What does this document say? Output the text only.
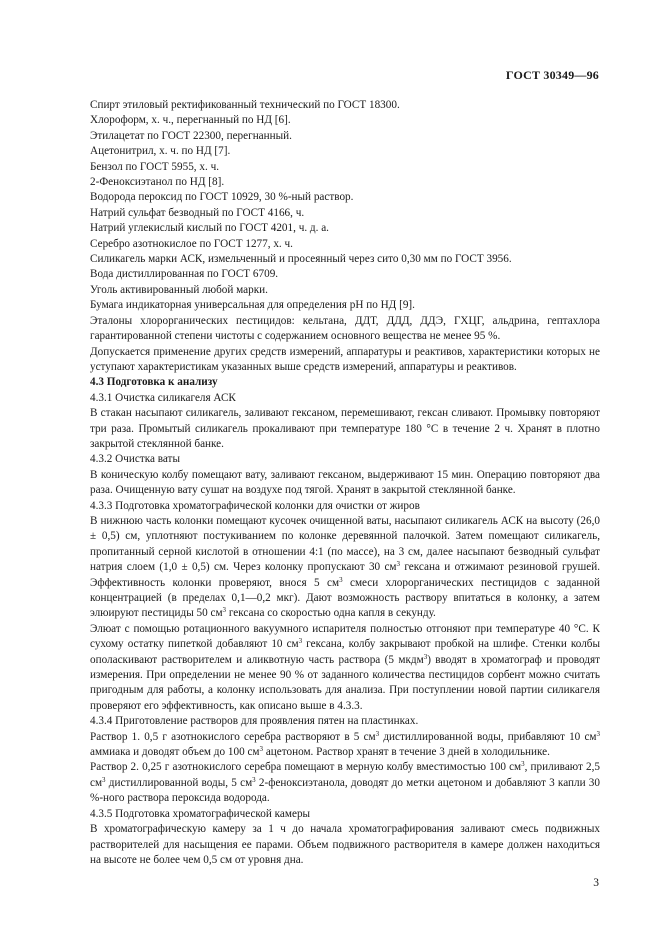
ГОСТ 30349—96

Спирт этиловый ректификованный технический по ГОСТ 18300.

Хлороформ, х. ч., перегнанный по НД [6].

Этилацетат по ГОСТ 22300, перегнанный.

Ацетонитрил, х. ч. по НД [7].

Бензол по ГОСТ 5955, х. ч.

2-Феноксиэтанол по НД [8].

Водорода пероксид по ГОСТ 10929, 30 %-ный раствор.

Натрий сульфат безводный по ГОСТ 4166, ч.

Натрий углекислый кислый по ГОСТ 4201, ч. д. а.

Серебро азотнокислое по ГОСТ 1277, х. ч.

Силикагель марки АСК, измельченный и просеянный через сито 0,30 мм по ГОСТ 3956.

Вода дистиллированная по ГОСТ 6709.

Уголь активированный любой марки.

Бумага индикаторная универсальная для определения рН по НД [9].

Эталоны хлорорганических пестицидов: кельтана, ДДТ, ДДД, ДДЭ, ГХЦГ, альдрина, гептахлора гарантированной степени чистоты с содержанием основного вещества не менее 95 %.

Допускается применение других средств измерений, аппаратуры и реактивов, характеристики которых не уступают характеристикам указанных выше средств измерений, аппаратуры и реактивов.

4.3 Подготовка к анализу

4.3.1 Очистка силикагеля АСК

В стакан насыпают силикагель, заливают гексаном, перемешивают, гексан сливают. Промывку повторяют три раза. Промытый силикагель прокаливают при температуре 180 °С в течение 2 ч. Хранят в плотно закрытой стеклянной банке.

4.3.2 Очистка ваты

В коническую колбу помещают вату, заливают гексаном, выдерживают 15 мин. Операцию повторяют два раза. Очищенную вату сушат на воздухе под тягой. Хранят в закрытой стеклянной банке.

4.3.3 Подготовка хроматографической колонки для очистки от жиров

В нижнюю часть колонки помещают кусочек очищенной ваты, насыпают силикагель АСК на высоту (26,0 ± 0,5) см, уплотняют постукиванием по колонке деревянной палочкой. Затем помещают силикагель, пропитанный серной кислотой в отношении 4:1 (по массе), на 3 см, далее насыпают безводный сульфат натрия слоем (1,0 ± 0,5) см. Через колонку пропускают 30 $см^3$ гексана и отжимают резиновой грушей. Эффективность колонки проверяют, внося 5 $см^3$ смеси хлорорганических пестицидов с заданной концентрацией (в пределах 0,1—0,2 мкг). Дают возможность раствору впитаться в колонку, а затем элюируют пестициды 50 $см^3$ гексана со скоростью одна капля в секунду.

Элюат с помощью ротационного вакуумного испарителя полностью отгоняют при температуре 40 °С. К сухому остатку пипеткой добавляют 10 $см^3$ гексана, колбу закрывают пробкой на шлифе. Стенки колбы ополаскивают растворителем и аликвотную часть раствора (5 мкдм$^3$) вводят в хроматограф и проводят измерения. При определении не менее 90 % от заданного количества пестицидов сорбент можно считать пригодным для работы, а колонку использовать для анализа. При поступлении новой партии силикагеля проверяют его эффективность, как описано выше в 4.3.3.

4.3.4 Приготовление растворов для проявления пятен на пластинках.

Раствор 1. 0,5 г азотнокислого серебра растворяют в 5 $см^3$ дистиллированной воды, прибавляют 10 $см^3$ аммиака и доводят объем до 100 $см^3$ ацетоном. Раствор хранят в течение 3 дней в холодильнике.

Раствор 2. 0,25 г азотнокислого серебра помещают в мерную колбу вместимостью 100 $см^3$, приливают 2,5 $см^3$ дистиллированной воды, 5 $см^3$ 2-феноксиэтанола, доводят до метки ацетоном и добавляют 3 капли 30 %-ного раствора пероксида водорода.

4.3.5 Подготовка хроматографической камеры

В хроматографическую камеру за 1 ч до начала хроматографирования заливают смесь подвижных растворителей для насыщения ее парами. Объем подвижного растворителя в камере должен находиться на высоте не более чем 0,5 см от уровня дна.

3
